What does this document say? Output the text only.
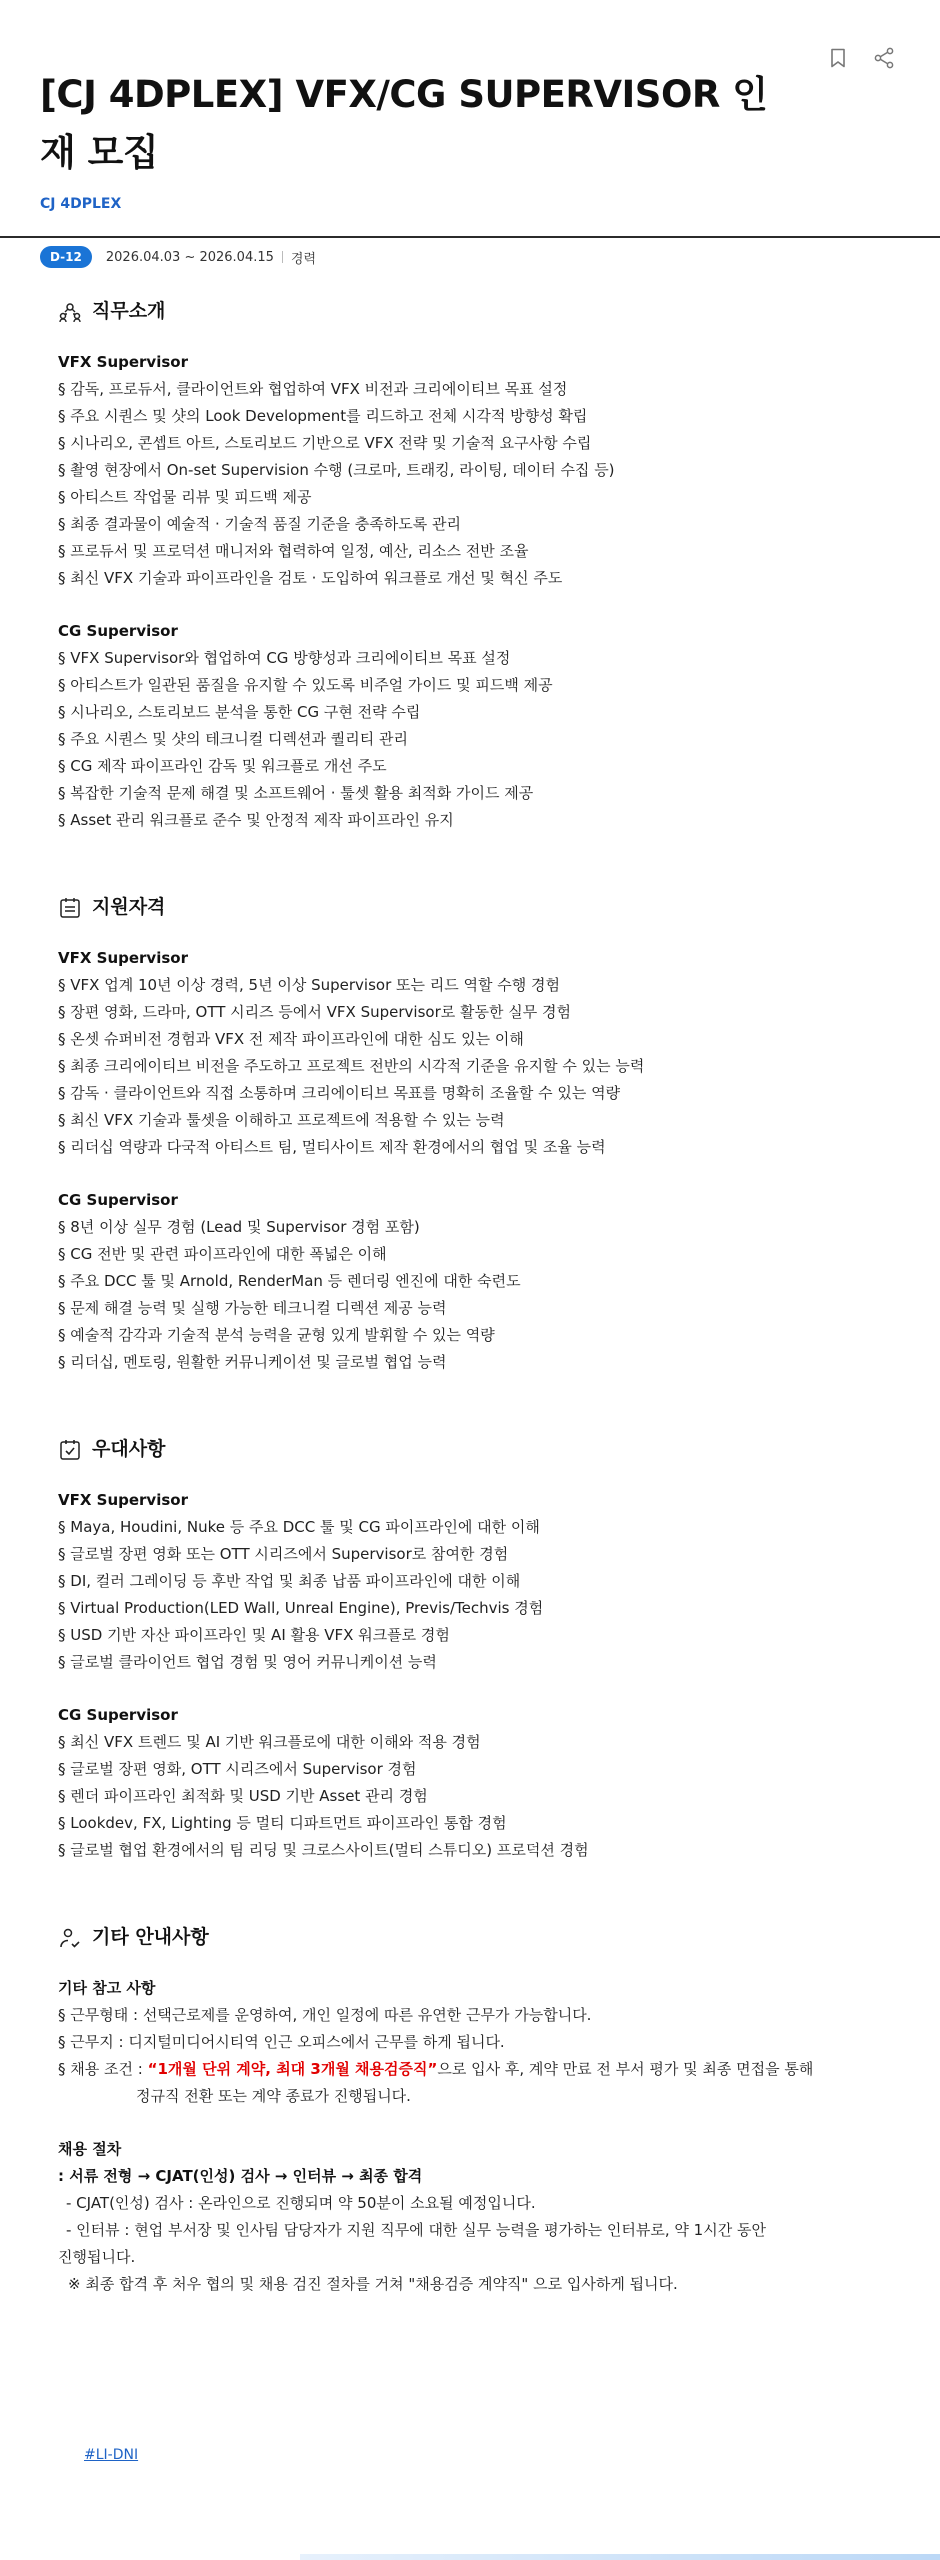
[CJ 4DPLEX] VFX/CG SUPERVISOR 인재 모집
CJ 4DPLEX
D-12	2026.04.03 ~ 2026.04.15 경력
직무소개

VFX Supervisor

§ 감독, 프로듀서, 클라이언트와 협업하여 VFX 비전과 크리에이티브 목표 설정
§ 주요 시퀀스 및 샷의 Look Development를 리드하고 전체 시각적 방향성 확립
§ 시나리오, 콘셉트 아트, 스토리보드 기반으로 VFX 전략 및 기술적 요구사항 수립
§ 촬영 현장에서 On-set Supervision 수행 (크로마, 트래킹, 라이팅, 데이터 수집 등)
§ 아티스트 작업물 리뷰 및 피드백 제공
§ 최종 결과물이 예술적 · 기술적 품질 기준을 충족하도록 관리
§ 프로듀서 및 프로덕션 매니저와 협력하여 일정, 예산, 리소스 전반 조율
§ 최신 VFX 기술과 파이프라인을 검토 · 도입하여 워크플로 개선 및 혁신 주도

CG Supervisor

§ VFX Supervisor와 협업하여 CG 방향성과 크리에이티브 목표 설정
§ 아티스트가 일관된 품질을 유지할 수 있도록 비주얼 가이드 및 피드백 제공
§ 시나리오, 스토리보드 분석을 통한 CG 구현 전략 수립
§ 주요 시퀀스 및 샷의 테크니컬 디렉션과 퀄리티 관리
§ CG 제작 파이프라인 감독 및 워크플로 개선 주도
§ 복잡한 기술적 문제 해결 및 소프트웨어 · 툴셋 활용 최적화 가이드 제공
§ Asset 관리 워크플로 준수 및 안정적 제작 파이프라인 유지
지원자격

VFX Supervisor

§ VFX 업계 10년 이상 경력, 5년 이상 Supervisor 또는 리드 역할 수행 경험
§ 장편 영화, 드라마, OTT 시리즈 등에서 VFX Supervisor로 활동한 실무 경험
§ 온셋 슈퍼비전 경험과 VFX 전 제작 파이프라인에 대한 심도 있는 이해
§ 최종 크리에이티브 비전을 주도하고 프로젝트 전반의 시각적 기준을 유지할 수 있는 능력
§ 감독 · 클라이언트와 직접 소통하며 크리에이티브 목표를 명확히 조율할 수 있는 역량
§ 최신 VFX 기술과 툴셋을 이해하고 프로젝트에 적용할 수 있는 능력
§ 리더십 역량과 다국적 아티스트 팀, 멀티사이트 제작 환경에서의 협업 및 조율 능력

CG Supervisor

§ 8년 이상 실무 경험 (Lead 및 Supervisor 경험 포함)
§ CG 전반 및 관련 파이프라인에 대한 폭넓은 이해
§ 주요 DCC 툴 및 Arnold, RenderMan 등 렌더링 엔진에 대한 숙련도
§ 문제 해결 능력 및 실행 가능한 테크니컬 디렉션 제공 능력
§ 예술적 감각과 기술적 분석 능력을 균형 있게 발휘할 수 있는 역량
§ 리더십, 멘토링, 원활한 커뮤니케이션 및 글로벌 협업 능력
우대사항

VFX Supervisor

§ Maya, Houdini, Nuke 등 주요 DCC 툴 및 CG 파이프라인에 대한 이해
§ 글로벌 장편 영화 또는 OTT 시리즈에서 Supervisor로 참여한 경험
§ DI, 컬러 그레이딩 등 후반 작업 및 최종 납품 파이프라인에 대한 이해
§ Virtual Production(LED Wall, Unreal Engine), Previs/Techvis 경험
§ USD 기반 자산 파이프라인 및 AI 활용 VFX 워크플로 경험
§ 글로벌 클라이언트 협업 경험 및 영어 커뮤니케이션 능력

CG Supervisor

§ 최신 VFX 트렌드 및 AI 기반 워크플로에 대한 이해와 적용 경험
§ 글로벌 장편 영화, OTT 시리즈에서 Supervisor 경험
§ 렌더 파이프라인 최적화 및 USD 기반 Asset 관리 경험
§ Lookdev, FX, Lighting 등 멀티 디파트먼트 파이프라인 통합 경험
§ 글로벌 협업 환경에서의 팀 리딩 및 크로스사이트(멀티 스튜디오) 프로덕션 경험
기타 안내사항

기타 참고 사항

§ 근무형태 : 선택근로제를 운영하여, 개인 일정에 따른 유연한 근무가 가능합니다.
§ 근무지 : 디지털미디어시티역 인근 오피스에서 근무를 하게 됩니다.
§ 채용 조건 : “1개월 단위 계약, 최대 3개월 채용검증직”으로 입사 후, 계약 만료 전 부서 평가 및 최종 면접을 통해
정규직 전환 또는 계약 종료가 진행됩니다.

채용 절차

: 서류 전형 → CJAT(인성) 검사 → 인터뷰 → 최종 합격

- CJAT(인성) 검사 : 온라인으로 진행되며 약 50분이 소요될 예정입니다.
- 인터뷰 : 현업 부서장 및 인사팀 담당자가 지원 직무에 대한 실무 능력을 평가하는 인터뷰로, 약 1시간 동안
진행됩니다.
※ 최종 합격 후 처우 협의 및 채용 검진 절차를 거쳐 "채용검증 계약직" 으로 입사하게 됩니다.
#LI-DNI
